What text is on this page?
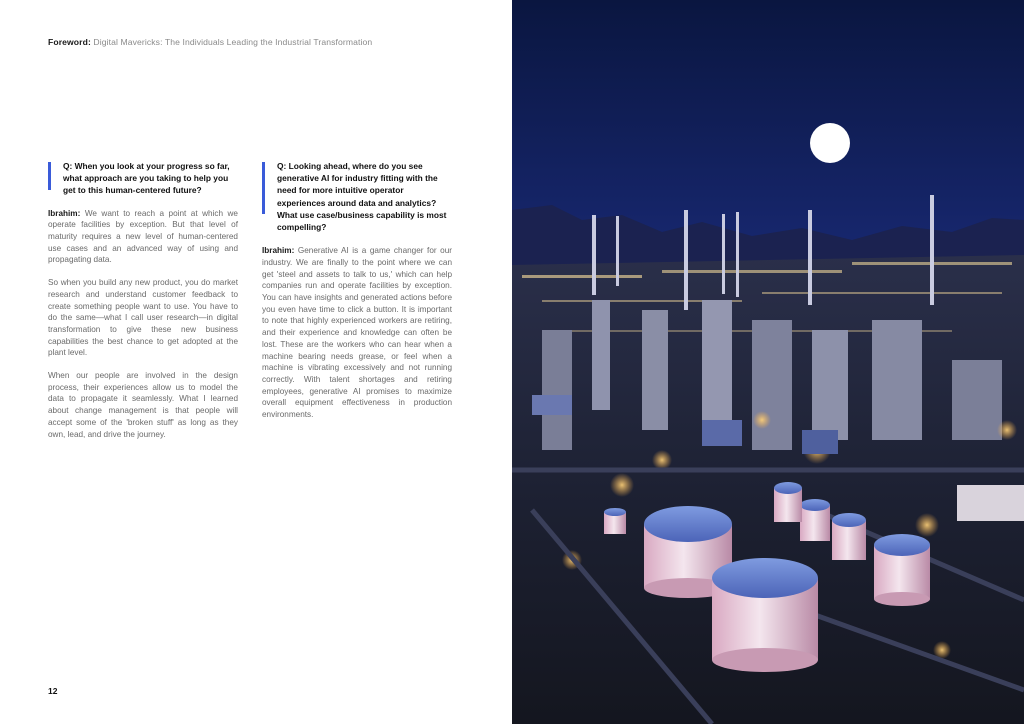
Foreword: Digital Mavericks: The Individuals Leading the Industrial Transformation
Q: When you look at your progress so far, what approach are you taking to help you get to this human-centered future?

Ibrahim: We want to reach a point at which we operate facilities by exception. But that level of maturity requires a new level of human-centered use cases and an advanced way of using and propagating data.

So when you build any new product, you do market research and understand customer feedback to create something people want to use. You have to do the same—what I call user research—in digital transformation to give these new business capabilities the best chance to get adopted at the plant level.

When our people are involved in the design process, their experiences allow us to model the data to propagate it seamlessly. What I learned about change management is that people will accept some of the 'broken stuff' as long as they own, lead, and drive the journey.

Q: Looking ahead, where do you see generative AI for industry fitting with the need for more intuitive operator experiences around data and analytics? What use case/business capability is most compelling?

Ibrahim: Generative AI is a game changer for our industry. We are finally to the point where we can get 'steel and assets to talk to us,' which can help companies run and operate facilities by exception. You can have insights and generated actions before you even have time to click a button. It is important to note that highly experienced workers are retiring, and their experience and knowledge can often be lost. These are the workers who can hear when a machine bearing needs grease, or feel when a machine is vibrating excessively and not running correctly. With talent shortages and retiring employees, generative AI promises to maximize overall equipment effectiveness in production environments.

12
